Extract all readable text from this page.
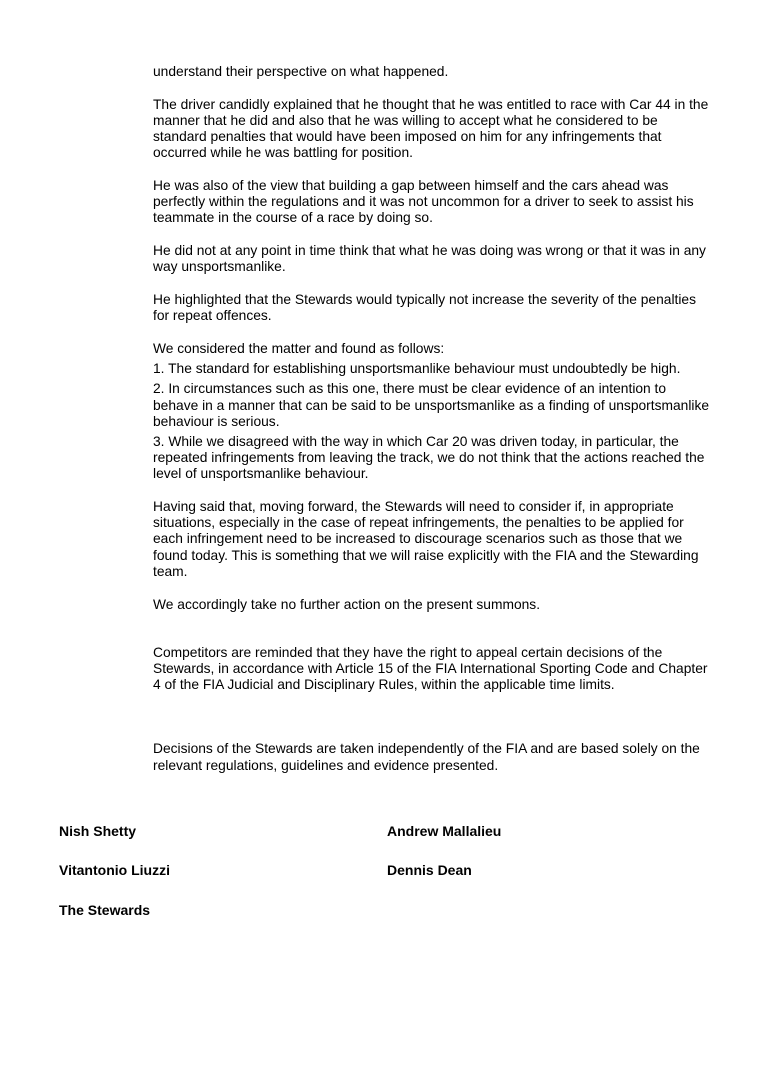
understand their perspective on what happened.

The driver candidly explained that he thought that he was entitled to race with Car 44 in the manner that he did and also that he was willing to accept what he considered to be standard penalties that would have been imposed on him for any infringements that occurred while he was battling for position.

He was also of the view that building a gap between himself and the cars ahead was perfectly within the regulations and it was not uncommon for a driver to seek to assist his teammate in the course of a race by doing so.

He did not at any point in time think that what he was doing was wrong or that it was in any way unsportsmanlike.

He highlighted that the Stewards would typically not increase the severity of the penalties for repeat offences.

We considered the matter and found as follows:

1. The standard for establishing unsportsmanlike behaviour must undoubtedly be high.

2. In circumstances such as this one, there must be clear evidence of an intention to behave in a manner that can be said to be unsportsmanlike as a finding of unsportsmanlike behaviour is serious.

3. While we disagreed with the way in which Car 20 was driven today, in particular, the repeated infringements from leaving the track, we do not think that the actions reached the level of unsportsmanlike behaviour.

Having said that, moving forward, the Stewards will need to consider if, in appropriate situations, especially in the case of repeat infringements, the penalties to be applied for each infringement need to be increased to discourage scenarios such as those that we found today. This is something that we will raise explicitly with the FIA and the Stewarding team.

We accordingly take no further action on the present summons.

Competitors are reminded that they have the right to appeal certain decisions of the Stewards, in accordance with Article 15 of the FIA International Sporting Code and Chapter 4 of the FIA Judicial and Disciplinary Rules, within the applicable time limits.

Decisions of the Stewards are taken independently of the FIA and are based solely on the relevant regulations, guidelines and evidence presented.

Nish Shetty	Andrew Mallalieu
Vitantonio Liuzzi	Dennis Dean
The Stewards
